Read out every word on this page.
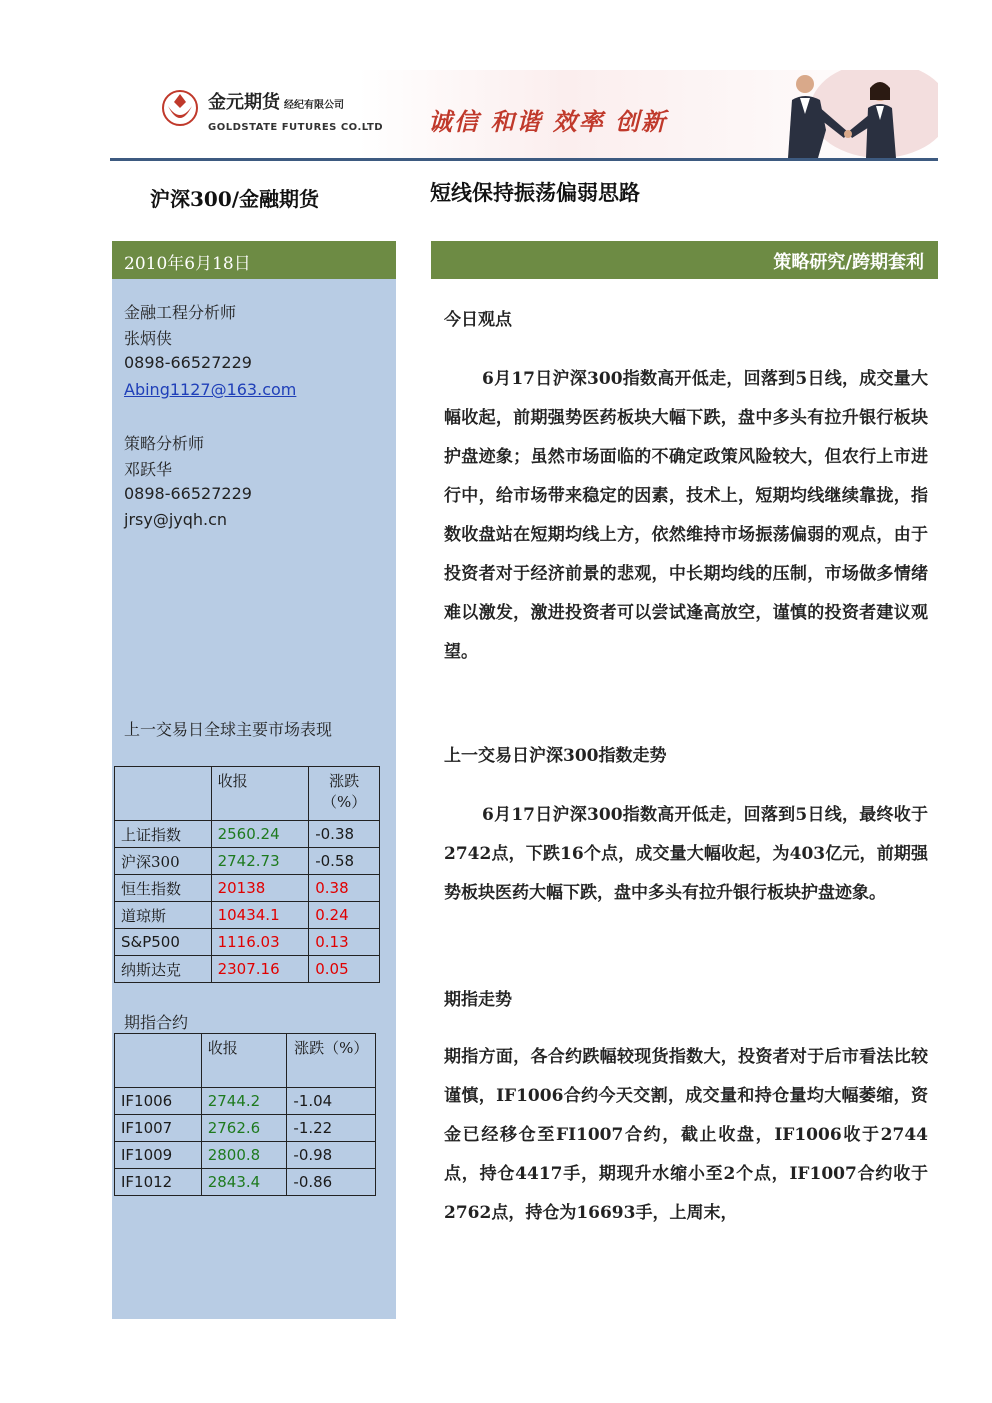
金元期货 经纪有限公司
GOLDSTATE FUTURES CO.LTD 诚信 和谐 效率 创新
沪深300/金融期货	短线保持振荡偏弱思路
2010年6月18日
金融工程分析师
张炳侠
0898-66527229
Abing1127@163.com
策略分析师
邓跃华
0898-66527229
jrsy@jyqh.cn
上一交易日全球主要市场表现
	收报	涨跌（%）
上证指数	2560.24	-0.38
沪深300	2742.73	-0.58
恒生指数	20138	0.38
道琼斯	10434.1	0.24
S&P500	1116.03	0.13
纳斯达克	2307.16	0.05
期指合约
	收报	涨跌（%）
IF1006	2744.2	-1.04
IF1007	2762.6	-1.22
IF1009	2800.8	-0.98
IF1012	2843.4	-0.86
策略研究/跨期套利
今日观点
6月17日沪深300指数高开低走，回落到5日线，成交量大幅收起，前期强势医药板块大幅下跌，盘中多头有拉升银行板块护盘迹象；虽然市场面临的不确定政策风险较大，但农行上市进行中，给市场带来稳定的因素，技术上，短期均线继续靠拢，指数收盘站在短期均线上方，依然维持市场振荡偏弱的观点，由于投资者对于经济前景的悲观，中长期均线的压制，市场做多情绪难以激发，激进投资者可以尝试逢高放空，谨慎的投资者建议观望。
上一交易日沪深300指数走势
6月17日沪深300指数高开低走，回落到5日线，最终收于2742点，下跌16个点，成交量大幅收起，为403亿元，前期强势板块医药大幅下跌，盘中多头有拉升银行板块护盘迹象。
期指走势
期指方面，各合约跌幅较现货指数大，投资者对于后市看法比较谨慎，IF1006合约今天交割，成交量和持仓量均大幅萎缩，资金已经移仓至FI1007合约，截止收盘，IF1006收于2744点，持仓4417手，期现升水缩小至2个点，IF1007合约收于2762点，持仓为16693手，上周末，
